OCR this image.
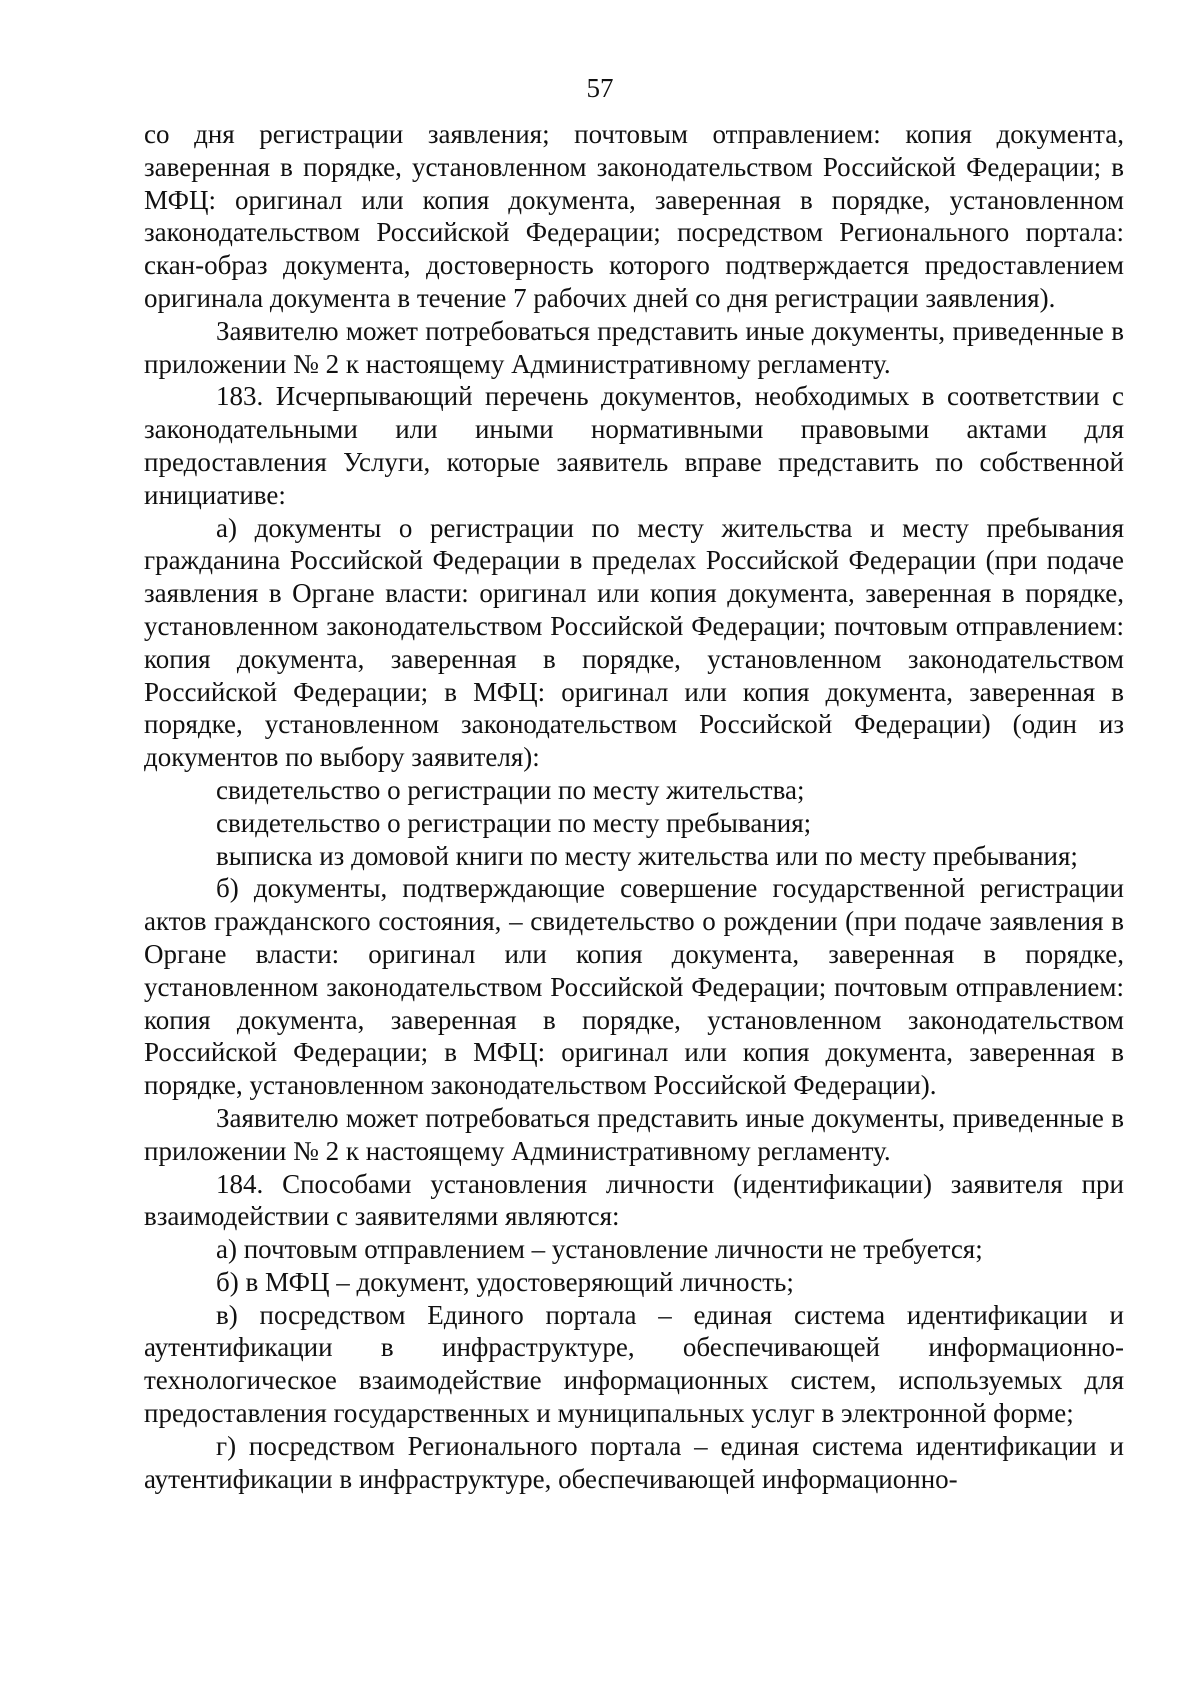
57

со дня регистрации заявления; почтовым отправлением: копия документа, заверенная в порядке, установленном законодательством Российской Федерации; в МФЦ: оригинал или копия документа, заверенная в порядке, установленном законодательством Российской Федерации; посредством Регионального портала: скан-образ документа, достоверность которого подтверждается предоставлением оригинала документа в течение 7 рабочих дней со дня регистрации заявления).

Заявителю может потребоваться представить иные документы, приведенные в приложении № 2 к настоящему Административному регламенту.

183. Исчерпывающий перечень документов, необходимых в соответствии с законодательными или иными нормативными правовыми актами для предоставления Услуги, которые заявитель вправе представить по собственной инициативе:

а) документы о регистрации по месту жительства и месту пребывания гражданина Российской Федерации в пределах Российской Федерации (при подаче заявления в Органе власти: оригинал или копия документа, заверенная в порядке, установленном законодательством Российской Федерации; почтовым отправлением: копия документа, заверенная в порядке, установленном законодательством Российской Федерации; в МФЦ: оригинал или копия документа, заверенная в порядке, установленном законодательством Российской Федерации) (один из документов по выбору заявителя):

свидетельство о регистрации по месту жительства;

свидетельство о регистрации по месту пребывания;

выписка из домовой книги по месту жительства или по месту пребывания;

б) документы, подтверждающие совершение государственной регистрации актов гражданского состояния, – свидетельство о рождении (при подаче заявления в Органе власти: оригинал или копия документа, заверенная в порядке, установленном законодательством Российской Федерации; почтовым отправлением: копия документа, заверенная в порядке, установленном законодательством Российской Федерации; в МФЦ: оригинал или копия документа, заверенная в порядке, установленном законодательством Российской Федерации).

Заявителю может потребоваться представить иные документы, приведенные в приложении № 2 к настоящему Административному регламенту.

184. Способами установления личности (идентификации) заявителя при взаимодействии с заявителями являются:

а) почтовым отправлением – установление личности не требуется;

б) в МФЦ – документ, удостоверяющий личность;

в) посредством Единого портала – единая система идентификации и аутентификации в инфраструктуре, обеспечивающей информационно-технологическое взаимодействие информационных систем, используемых для предоставления государственных и муниципальных услуг в электронной форме;

г) посредством Регионального портала – единая система идентификации и аутентификации в инфраструктуре, обеспечивающей информационно-
